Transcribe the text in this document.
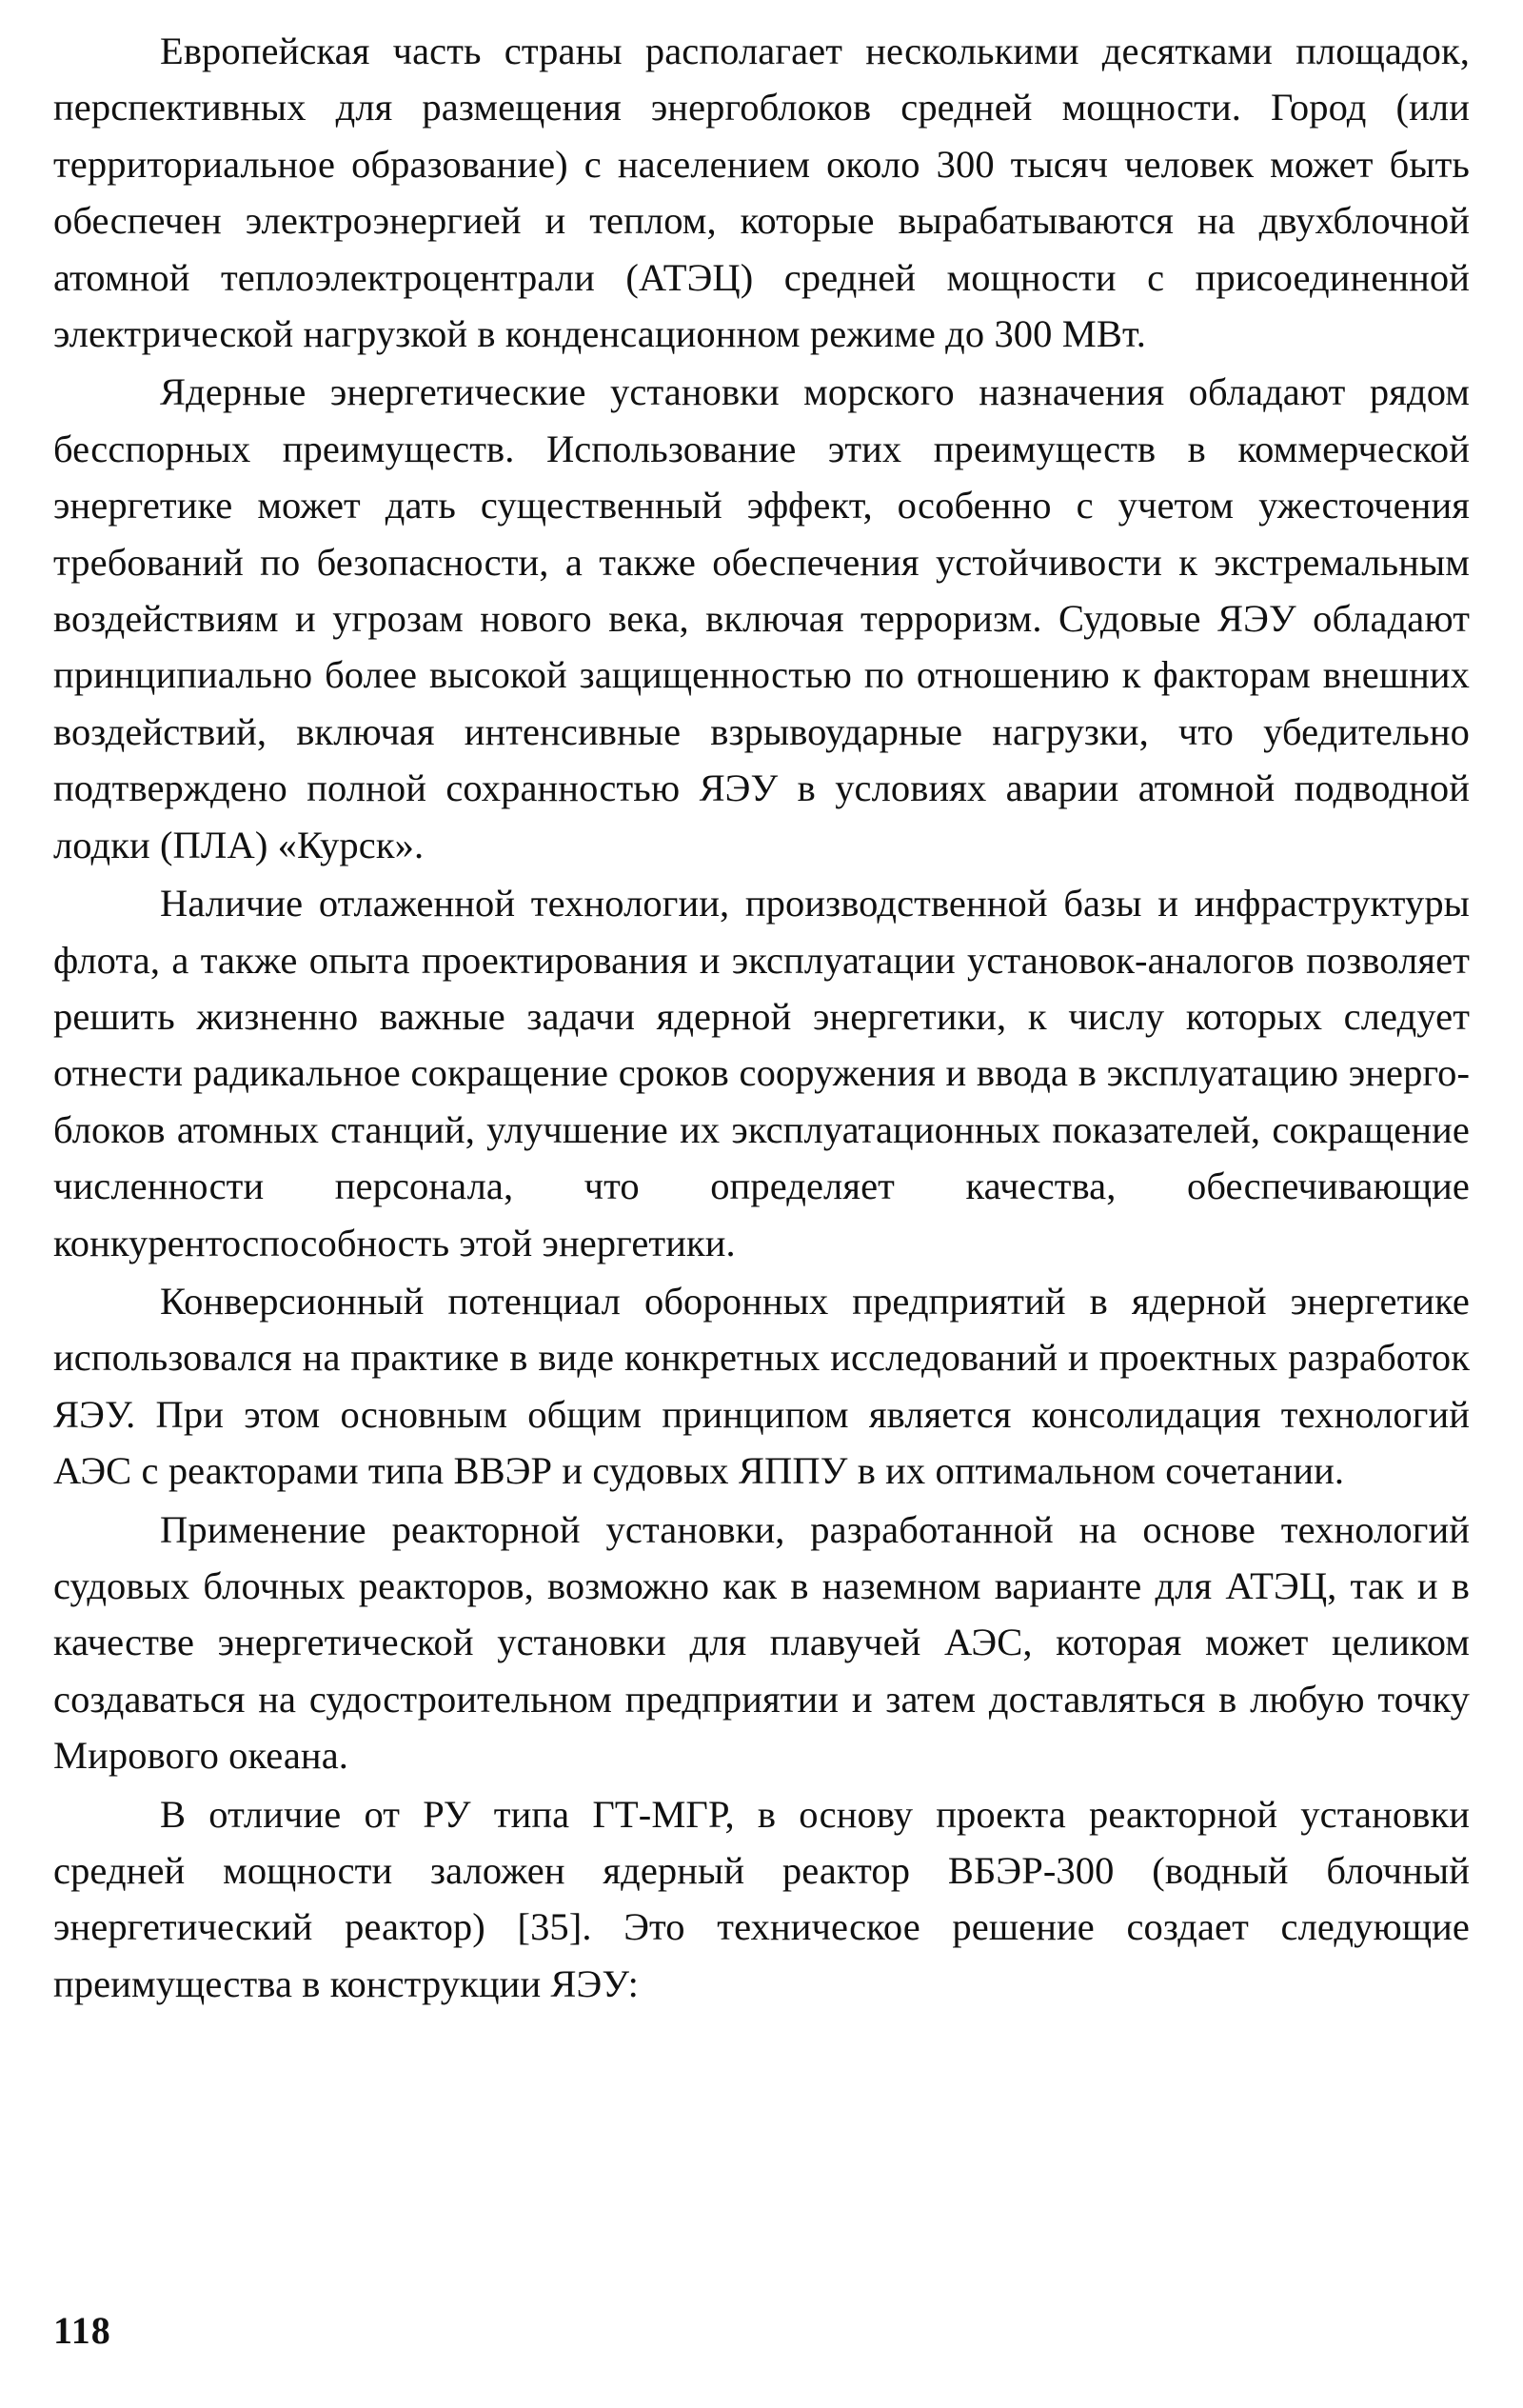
Европейская часть страны располагает несколькими десятками площадок, перспективных для размещения энергоблоков средней мощности. Город (или территориальное образование) с населением около 300 тысяч человек может быть обеспечен электроэнергией и теплом, которые вырабатываются на двухблочной атомной теплоэлектроцентрали (АТЭЦ) средней мощности с присоединенной электрической нагрузкой в конденсационном режиме до 300 МВт.

Ядерные энергетические установки морского назначения обладают рядом бесспорных преимуществ. Использование этих преимуществ в коммерческой энергетике может дать существенный эффект, особенно с учетом ужесточения требований по безопасности, а также обеспечения устойчивости к экстремальным воздействиям и угрозам нового века, включая терроризм. Судовые ЯЭУ обладают принципиально более высокой защищенностью по отношению к факторам внешних воздействий, включая интенсивные взрывоударные нагрузки, что убедительно подтверждено полной сохранностью ЯЭУ в условиях аварии атомной подводной лодки (ПЛА) «Курск».

Наличие отлаженной технологии, производственной базы и инфраструктуры флота, а также опыта проектирования и эксплуатации установок-аналогов позволяет решить жизненно важные задачи ядерной энергетики, к числу которых следует отнести радикальное сокращение сроков сооружения и ввода в эксплуатацию энергоблоков атомных станций, улучшение их эксплуатационных показателей, сокращение численности персонала, что определяет качества, обеспечивающие конкурентоспособность этой энергетики.

Конверсионный потенциал оборонных предприятий в ядерной энергетике использовался на практике в виде конкретных исследований и проектных разработок ЯЭУ. При этом основным общим принципом является консолидация технологий АЭС с реакторами типа ВВЭР и судовых ЯППУ в их оптимальном сочетании.

Применение реакторной установки, разработанной на основе технологий судовых блочных реакторов, возможно как в наземном варианте для АТЭЦ, так и в качестве энергетической установки для плавучей АЭС, которая может целиком создаваться на судостроительном предприятии и затем доставляться в любую точку Мирового океана.

В отличие от РУ типа ГТ-МГР, в основу проекта реакторной установки средней мощности заложен ядерный реактор ВБЭР-300 (водный блочный энергетический реактор) [35]. Это техническое решение создает следующие преимущества в конструкции ЯЭУ:

118
